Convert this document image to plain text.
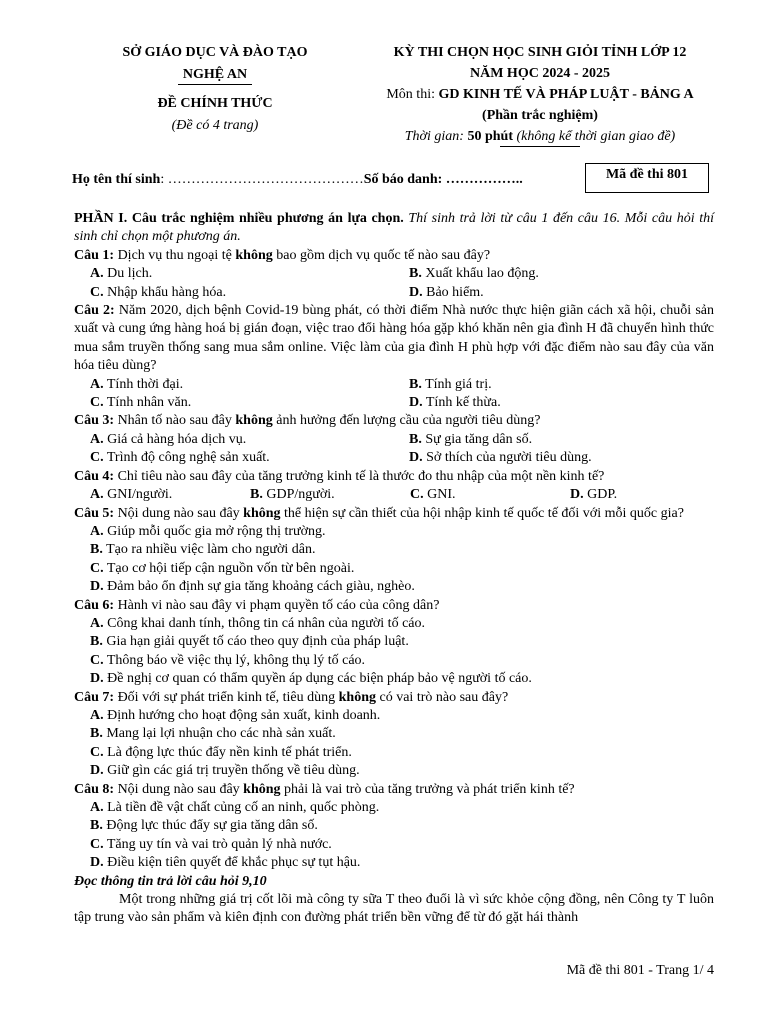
SỞ GIÁO DỤC VÀ ĐÀO TẠO
NGHỆ AN
ĐỀ CHÍNH THỨC
(Đề có 4 trang)
KỲ THI CHỌN HỌC SINH GIỎI TỈNH LỚP 12
NĂM HỌC 2024 - 2025
Môn thi: GD KINH TẾ VÀ PHÁP LUẬT - BẢNG A
(Phần trắc nghiệm)
Thời gian: 50 phút (không kể thời gian giao đề)
Họ tên thí sinh: ……………………………………Số báo danh: ……………..	Mã đề thi 801

PHẦN I. Câu trắc nghiệm nhiều phương án lựa chọn. Thí sinh trả lời từ câu 1 đến câu 16. Mỗi câu hỏi thí sinh chỉ chọn một phương án.

Câu 1: Dịch vụ thu ngoại tệ không bao gồm dịch vụ quốc tế nào sau đây?

A. Du lịch.	B. Xuất khẩu lao động.
C. Nhập khẩu hàng hóa.	D. Bảo hiểm.

Câu 2: Năm 2020, dịch bệnh Covid-19 bùng phát, có thời điểm Nhà nước thực hiện giãn cách xã hội, chuỗi sản xuất và cung ứng hàng hoá bị gián đoạn, việc trao đổi hàng hóa gặp khó khăn nên gia đình H đã chuyển hình thức mua sắm truyền thống sang mua sắm online. Việc làm của gia đình H phù hợp với đặc điểm nào sau đây của văn hóa tiêu dùng?

A. Tính thời đại.	B. Tính giá trị.
C. Tính nhân văn.	D. Tính kế thừa.

Câu 3: Nhân tố nào sau đây không ảnh hưởng đến lượng cầu của người tiêu dùng?

A. Giá cả hàng hóa dịch vụ.	B. Sự gia tăng dân số.
C. Trình độ công nghệ sản xuất.	D. Sở thích của người tiêu dùng.

Câu 4: Chỉ tiêu nào sau đây của tăng trưởng kinh tế là thước đo thu nhập của một nền kinh tế?

A. GNI/người.	B. GDP/người.	C. GNI.	D. GDP.

Câu 5: Nội dung nào sau đây không thể hiện sự cần thiết của hội nhập kinh tế quốc tế đối với mỗi quốc gia?

A. Giúp mỗi quốc gia mở rộng thị trường.

B. Tạo ra nhiều việc làm cho người dân.

C. Tạo cơ hội tiếp cận nguồn vốn từ bên ngoài.

D. Đảm bảo ổn định sự gia tăng khoảng cách giàu, nghèo.

Câu 6: Hành vi nào sau đây vi phạm quyền tố cáo của công dân?

A. Công khai danh tính, thông tin cá nhân của người tố cáo.

B. Gia hạn giải quyết tố cáo theo quy định của pháp luật.

C. Thông báo về việc thụ lý, không thụ lý tố cáo.

D. Đề nghị cơ quan có thẩm quyền áp dụng các biện pháp bảo vệ người tố cáo.

Câu 7: Đối với sự phát triển kinh tế, tiêu dùng không có vai trò nào sau đây?

A. Định hướng cho hoạt động sản xuất, kinh doanh.

B. Mang lại lợi nhuận cho các nhà sản xuất.

C. Là động lực thúc đẩy nền kinh tế phát triển.

D. Giữ gìn các giá trị truyền thống về tiêu dùng.

Câu 8: Nội dung nào sau đây không phải là vai trò của tăng trưởng và phát triển kinh tế?

A. Là tiền đề vật chất củng cố an ninh, quốc phòng.

B. Động lực thúc đẩy sự gia tăng dân số.

C. Tăng uy tín và vai trò quản lý nhà nước.

D. Điều kiện tiên quyết để khắc phục sự tụt hậu.

Đọc thông tin trả lời câu hỏi 9,10

Một trong những giá trị cốt lõi mà công ty sữa T theo đuổi là vì sức khỏe cộng đồng, nên Công ty T luôn tập trung vào sản phẩm và kiên định con đường phát triển bền vững để từ đó gặt hái thành

Mã đề thi 801 - Trang 1/ 4
